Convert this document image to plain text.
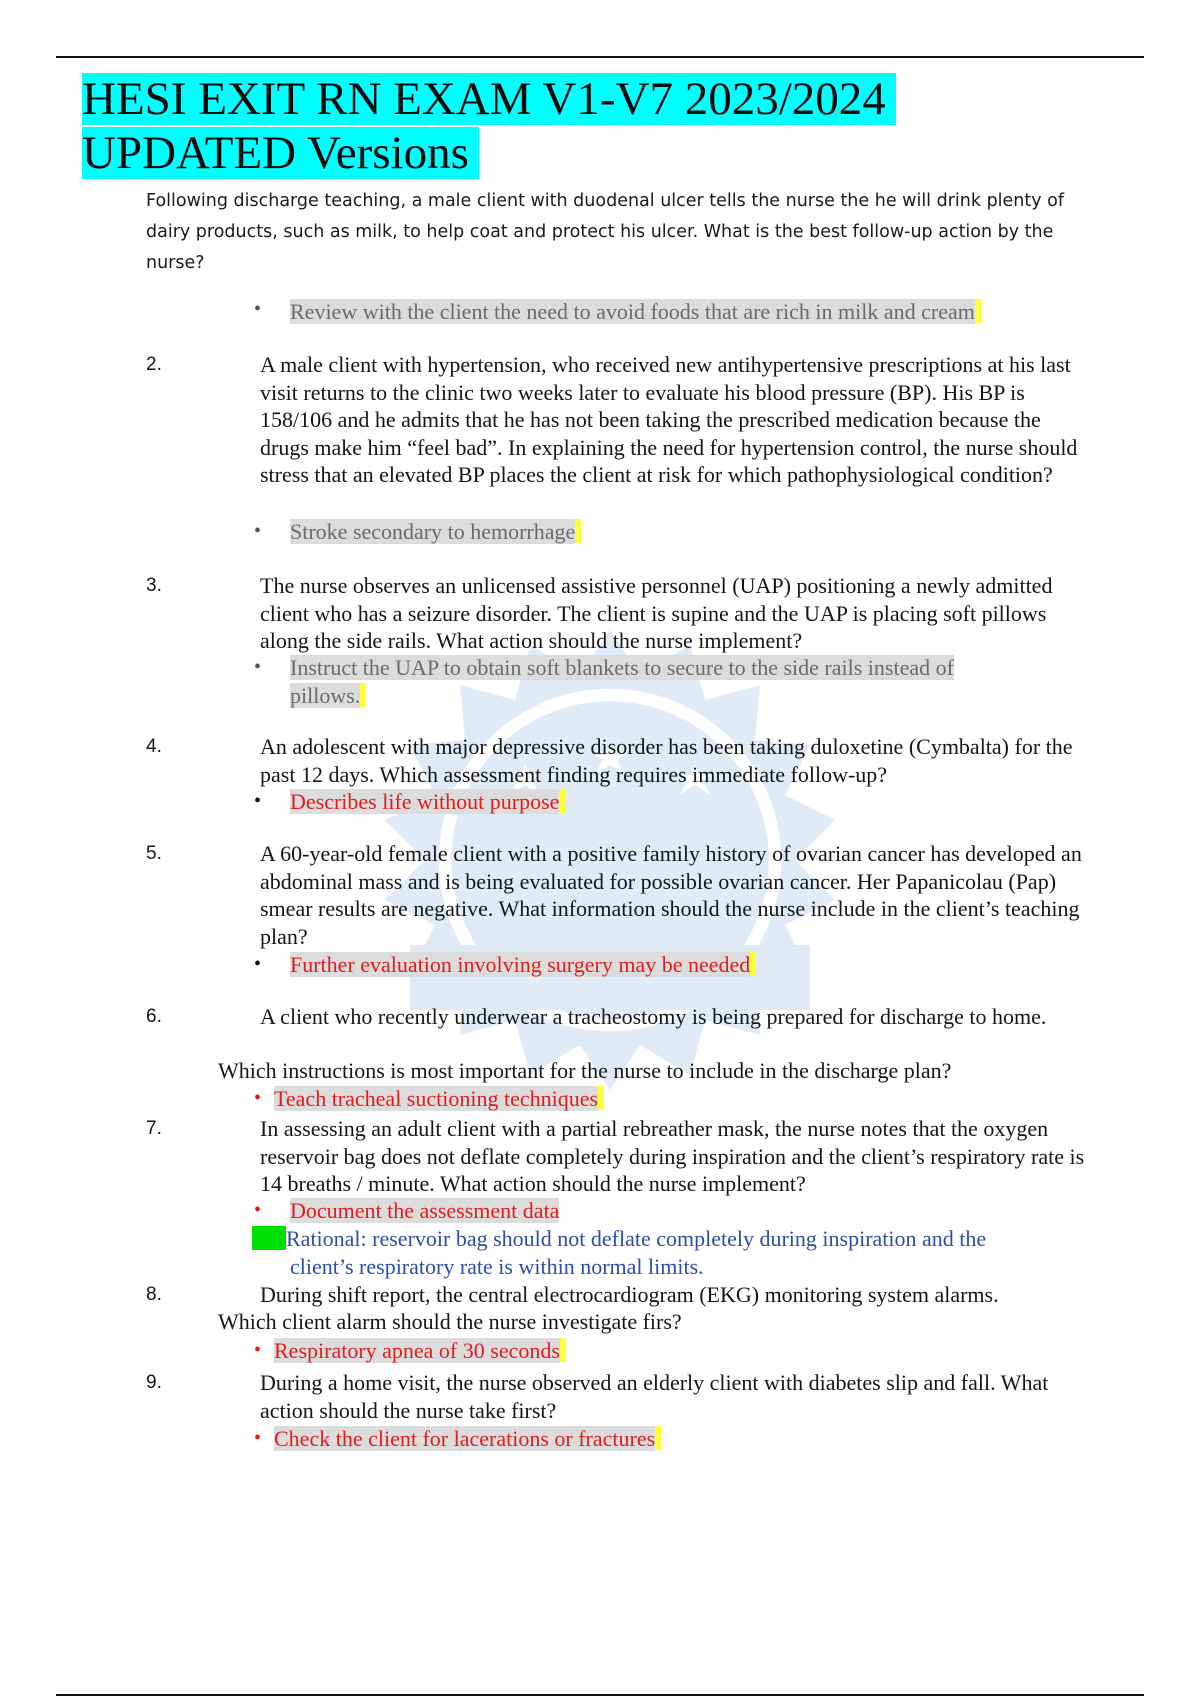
HESI EXIT RN EXAM V1-V7 2023/2024
UPDATED Versions
Following discharge teaching, a male client with duodenal ulcer tells the nurse the he will drink plenty of dairy products, such as milk, to help coat and protect his ulcer. What is the best follow-up action by the nurse?
• Review with the client the need to avoid foods that are rich in milk and cream
2.	A male client with hypertension, who received new antihypertensive prescriptions at his last visit returns to the clinic two weeks later to evaluate his blood pressure (BP). His BP is 158/106 and he admits that he has not been taking the prescribed medication because the drugs make him “feel bad”. In explaining the need for hypertension control, the nurse should stress that an elevated BP places the client at risk for which pathophysiological condition?
• Stroke secondary to hemorrhage
3.	The nurse observes an unlicensed assistive personnel (UAP) positioning a newly admitted client who has a seizure disorder. The client is supine and the UAP is placing soft pillows along the side rails. What action should the nurse implement?
• Instruct the UAP to obtain soft blankets to secure to the side rails instead of
pillows.
4.	An adolescent with major depressive disorder has been taking duloxetine (Cymbalta) for the past 12 days. Which assessment finding requires immediate follow-up?
• Describes life without purpose
5.	A 60-year-old female client with a positive family history of ovarian cancer has developed an abdominal mass and is being evaluated for possible ovarian cancer. Her Papanicolau (Pap) smear results are negative. What information should the nurse include in the client’s teaching plan?
• Further evaluation involving surgery may be needed
6.	A client who recently underwear a tracheostomy is being prepared for discharge to home.
Which instructions is most important for the nurse to include in the discharge plan?
• Teach tracheal suctioning techniques
7.	In assessing an adult client with a partial rebreather mask, the nurse notes that the oxygen reservoir bag does not deflate completely during inspiration and the client’s respiratory rate is 14 breaths / minute. What action should the nurse implement?
• Document the assessment data
Rational: reservoir bag should not deflate completely during inspiration and the
client’s respiratory rate is within normal limits.
8.	During shift report, the central electrocardiogram (EKG) monitoring system alarms.
Which client alarm should the nurse investigate firs?
• Respiratory apnea of 30 seconds
9.	During a home visit, the nurse observed an elderly client with diabetes slip and fall. What action should the nurse take first?
• Check the client for lacerations or fractures
